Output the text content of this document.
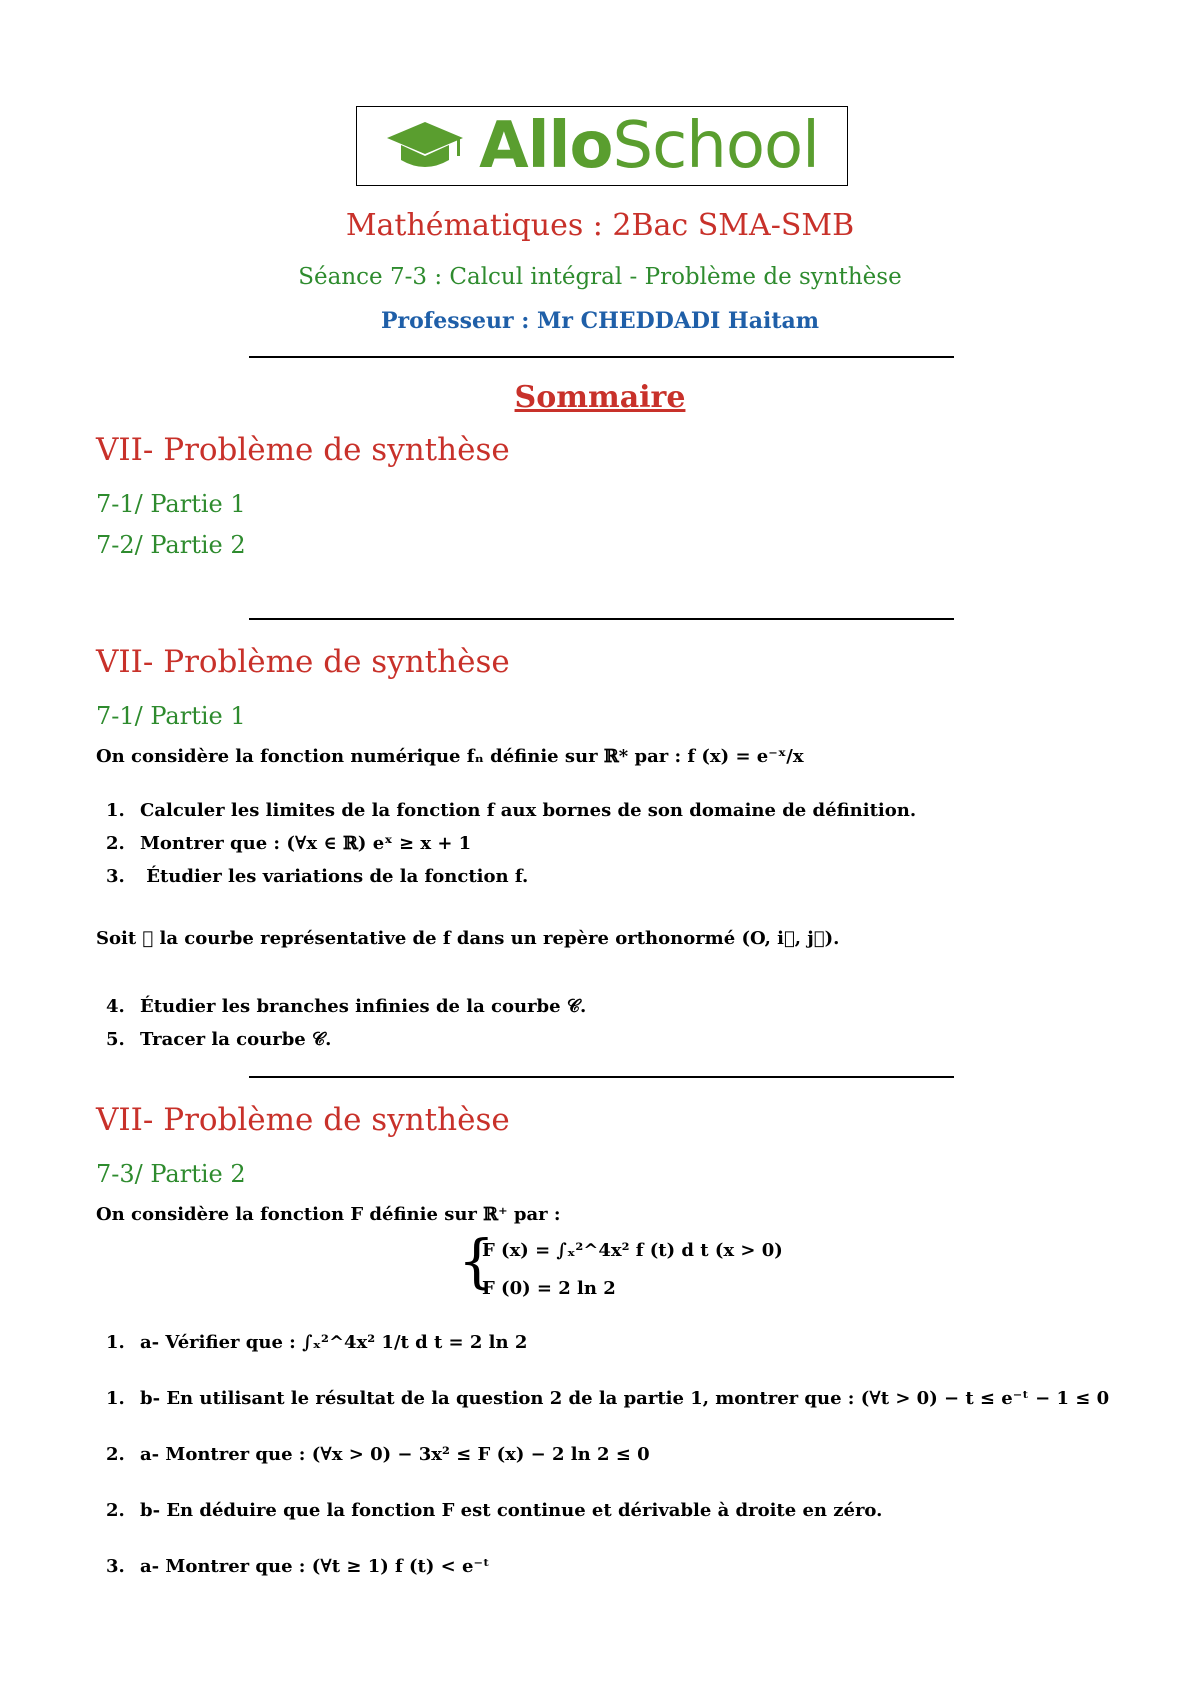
AlloSchool
Mathématiques : 2Bac SMA-SMB
Séance 7-3 : Calcul intégral - Problème de synthèse
Professeur : Mr CHEDDADI Haitam
Sommaire
VII- Problème de synthèse
7-1/ Partie 1
7-2/ Partie 2
VII- Problème de synthèse
7-1/ Partie 1
On considère la fonction numérique fₙ définie sur ℝ* par : f (x) = e⁻ˣ/x
1. Calculer les limites de la fonction f aux bornes de son domaine de définition.
2. Montrer que : (∀x ∈ ℝ) eˣ ≥ x + 1
3. Étudier les variations de la fonction f.
Soit 𝒞 la courbe représentative de f dans un repère orthonormé (O, i⃗, j⃗).
4. Étudier les branches infinies de la courbe 𝒞.
5. Tracer la courbe 𝒞.
VII- Problème de synthèse
7-3/ Partie 2
On considère la fonction F définie sur ℝ⁺ par :
{
F (x) = ∫ₓ²^4x² f (t) d t (x > 0)
F (0) = 2 ln 2
1. a- Vérifier que : ∫ₓ²^4x² 1/t d t = 2 ln 2
1. b- En utilisant le résultat de la question 2 de la partie 1, montrer que : (∀t > 0) − t ≤ e⁻ᵗ − 1 ≤ 0
2. a- Montrer que : (∀x > 0) − 3x² ≤ F (x) − 2 ln 2 ≤ 0
2. b- En déduire que la fonction F est continue et dérivable à droite en zéro.
3. a- Montrer que : (∀t ≥ 1) f (t) < e⁻ᵗ
